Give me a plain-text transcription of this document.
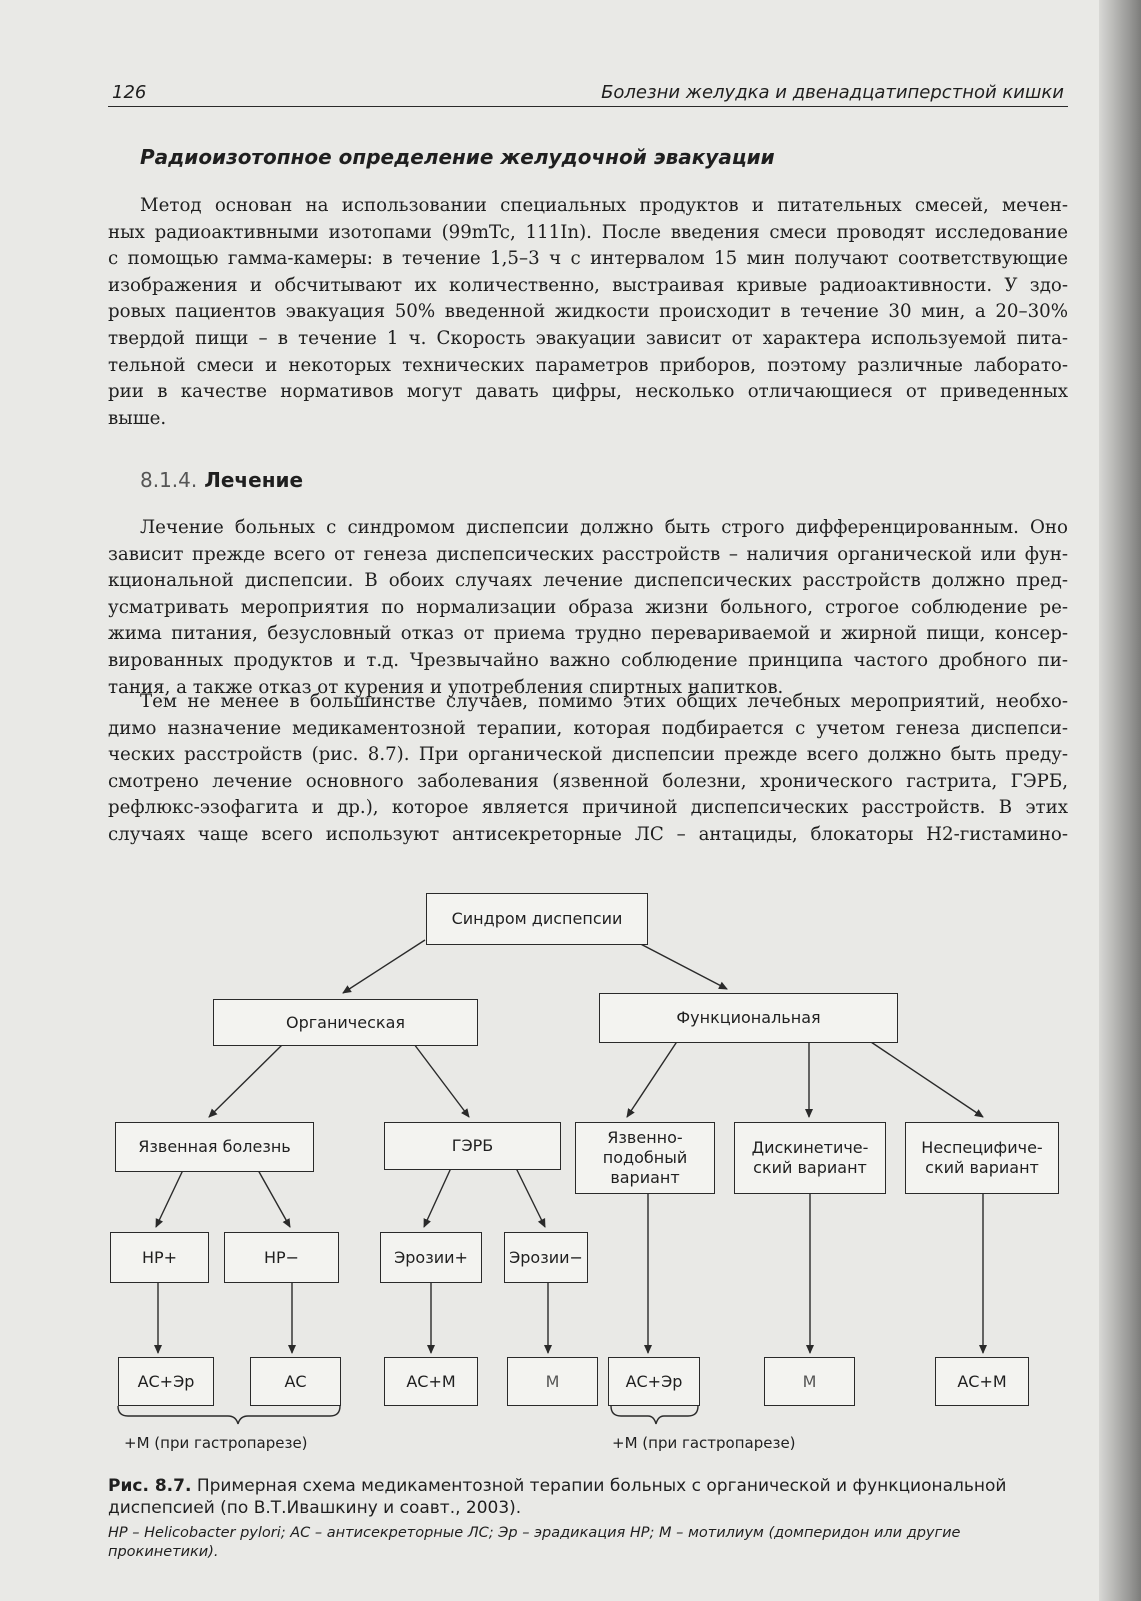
126	Болезни желудка и двенадцатиперстной кишки
Радиоизотопное определение желудочной эвакуации

Метод основан на использовании специальных продуктов и питательных смесей, мечен-
ных радиоактивными изотопами (99mTc, 111In). После введения смеси проводят исследование
с помощью гамма-камеры: в течение 1,5–3 ч с интервалом 15 мин получают соответствующие
изображения и обсчитывают их количественно, выстраивая кривые радиоактивности. У здо-
ровых пациентов эвакуация 50% введенной жидкости происходит в течение 30 мин, а 20–30%
твердой пищи – в течение 1 ч. Скорость эвакуации зависит от характера используемой пита-
тельной смеси и некоторых технических параметров приборов, поэтому различные лаборато-
рии в качестве нормативов могут давать цифры, несколько отличающиеся от приведенных
выше.

8.1.4. Лечение

Лечение больных с синдромом диспепсии должно быть строго дифференцированным. Оно
зависит прежде всего от генеза диспепсических расстройств – наличия органической или фун-
кциональной диспепсии. В обоих случаях лечение диспепсических расстройств должно пред-
усматривать мероприятия по нормализации образа жизни больного, строгое соблюдение ре-
жима питания, безусловный отказ от приема трудно перевариваемой и жирной пищи, консер-
вированных продуктов и т.д. Чрезвычайно важно соблюдение принципа частого дробного пи-
тания, а также отказ от курения и употребления спиртных напитков.

Тем не менее в большинстве случаев, помимо этих общих лечебных мероприятий, необхо-
димо назначение медикаментозной терапии, которая подбирается с учетом генеза диспепси-
ческих расстройств (рис. 8.7). При органической диспепсии прежде всего должно быть преду-
смотрено лечение основного заболевания (язвенной болезни, хронического гастрита, ГЭРБ,
рефлюкс-эзофагита и др.), которое является причиной диспепсических расстройств. В этих
случаях чаще всего используют антисекреторные ЛС – антациды, блокаторы H2-гистамино-

Синдром диспепсии
Органическая	Функциональная
Язвенная болезнь	ГЭРБ	Язвенно-подобный вариант
Дискинетиче-ский вариант
Неспецифиче-ский вариант
НР+	НР−	Эрозии+	Эрозии−
АС+Эр	АС	АС+М	М	АС+Эр	М	АС+М
+М (при гастропарезе)	+М (при гастропарезе)
Рис. 8.7. Примерная схема медикаментозной терапии больных с органической и функциональной диспепсией (по В.Т.Ивашкину и соавт., 2003).
НР – Helicobacter pylori; АС – антисекреторные ЛС; Эр – эрадикация НР; М – мотилиум (домперидон или другие прокинетики).
